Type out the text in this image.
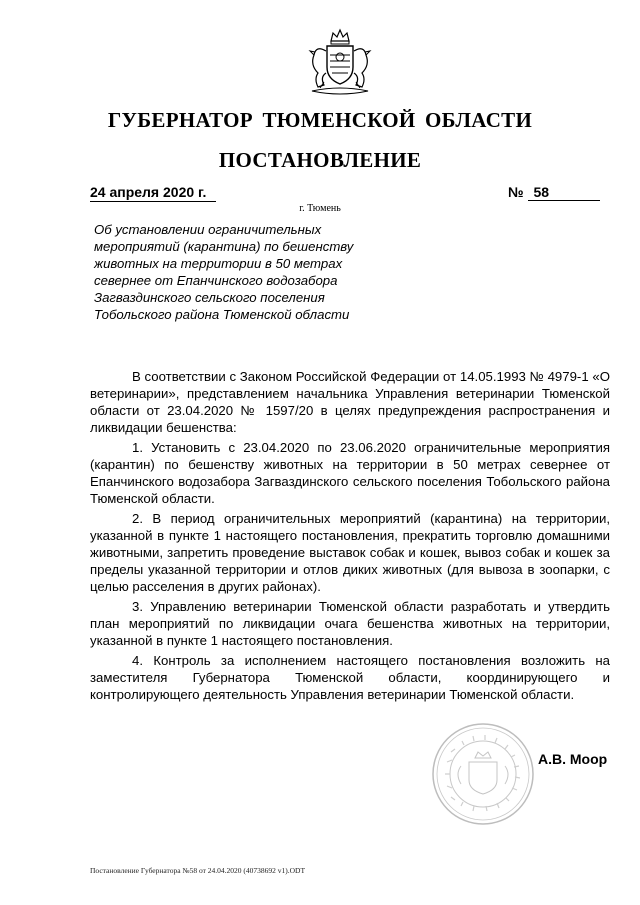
ГУБЕРНАТОР ТЮМЕНСКОЙ ОБЛАСТИ
ПОСТАНОВЛЕНИЕ
24 апреля 2020 г.	№ 58
г. Тюмень
Об установлении ограничительных мероприятий (карантина) по бешенству животных на территории в 50 метрах севернее от Епанчинского водозабора Загваздинского сельского поселения Тобольского района Тюменской области

В соответствии с Законом Российской Федерации от 14.05.1993 № 4979-1 «О ветеринарии», представлением начальника Управления ветеринарии Тюменской области от 23.04.2020 № 1597/20 в целях предупреждения распространения и ликвидации бешенства:

1. Установить с 23.04.2020 по 23.06.2020 ограничительные мероприятия (карантин) по бешенству животных на территории в 50 метрах севернее от Епанчинского водозабора Загваздинского сельского поселения Тобольского района Тюменской области.

2. В период ограничительных мероприятий (карантина) на территории, указанной в пункте 1 настоящего постановления, прекратить торговлю домашними животными, запретить проведение выставок собак и кошек, вывоз собак и кошек за пределы указанной территории и отлов диких животных (для вывоза в зоопарки, с целью расселения в других районах).

3. Управлению ветеринарии Тюменской области разработать и утвердить план мероприятий по ликвидации очага бешенства животных на территории, указанной в пункте 1 настоящего постановления.

4. Контроль за исполнением настоящего постановления возложить на заместителя Губернатора Тюменской области, координирующего и контролирующего деятельность Управления ветеринарии Тюменской области.

А.В. Моор
Постановление Губернатора №58 от 24.04.2020 (40738692 v1).ODT
